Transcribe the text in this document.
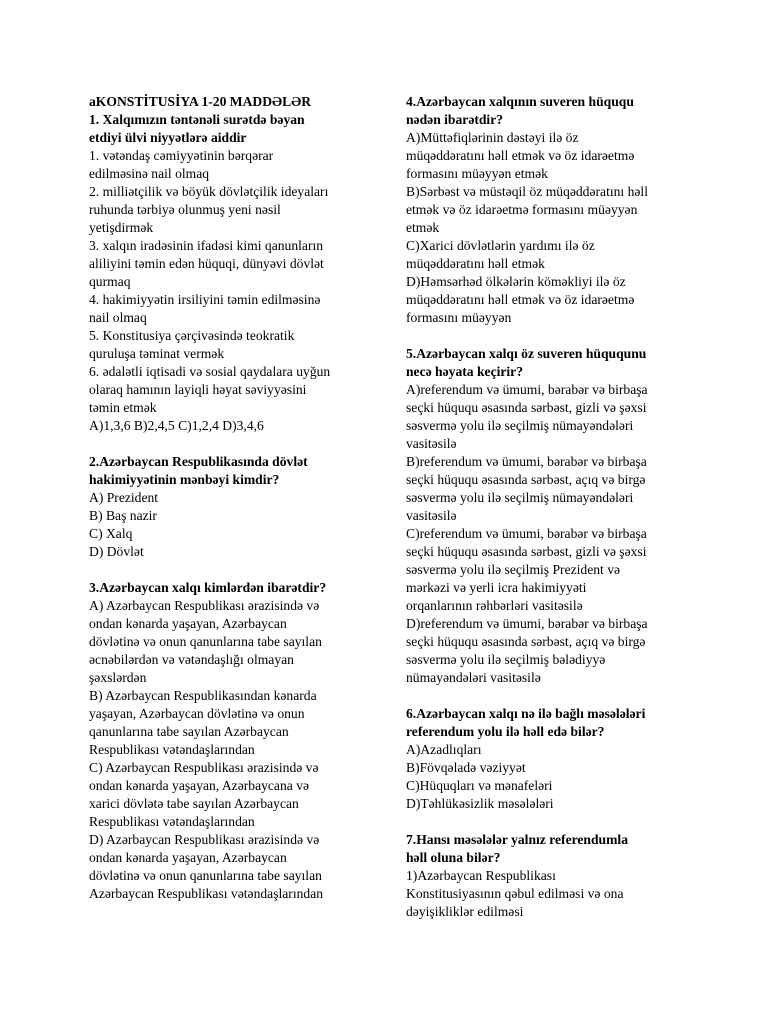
aKONSTİTUSİYA 1-20 MADDƏLƏR
1. Xalqımızın təntənəli surətdə bəyan
etdiyi ülvi niyyətlərə aiddir
1. vətəndaş cəmiyyətinin bərqərar
edilməsinə nail olmaq
2. milliətçilik və böyük dövlətçilik ideyaları
ruhunda tərbiyə olunmuş yeni nəsil
yetişdirmək
3. xalqın iradəsinin ifadəsi kimi qanunların
aliliyini təmin edən hüquqi, dünyəvi dövlət
qurmaq
4. hakimiyyətin irsiliyini təmin edilməsinə
nail olmaq
5. Konstitusiya çərçivəsində teokratik
quruluşa təminat vermək
6. ədalətli iqtisadi və sosial qaydalara uyğun
olaraq hamının layiqli həyat səviyyəsini
təmin etmək
A)1,3,6 B)2,4,5 C)1,2,4 D)3,4,6
2.Azərbaycan Respublikasında dövlət
hakimiyyətinin mənbəyi kimdir?
A) Prezident
B) Baş nazir
C) Xalq
D) Dövlət
3.Azərbaycan xalqı kimlərdən ibarətdir?
A) Azərbaycan Respublikası ərazisində və
ondan kənarda yaşayan, Azərbaycan
dövlətinə və onun qanunlarına tabe sayılan
əcnəbilərdən və vətəndaşlığı olmayan
şəxslərdən
B) Azərbaycan Respublikasından kənarda
yaşayan, Azərbaycan dövlətinə və onun
qanunlarına tabe sayılan Azərbaycan
Respublikası vətəndaşlarından
C) Azərbaycan Respublikası ərazisində və
ondan kənarda yaşayan, Azərbaycana və
xarici dövlətə tabe sayılan Azərbaycan
Respublikası vətəndaşlarından
D) Azərbaycan Respublikası ərazisində və
ondan kənarda yaşayan, Azərbaycan
dövlətinə və onun qanunlarına tabe sayılan
Azərbaycan Respublikası vətəndaşlarından
4.Azərbaycan xalqının suveren hüququ
nədən ibarətdir?
A)Müttəfiqlərinin dəstəyi ilə öz
müqəddəratını həll etmək və öz idarəetmə
formasını müəyyən etmək
B)Sərbəst və müstəqil öz müqəddəratını həll
etmək və öz idarəetmə formasını müəyyən
etmək
C)Xarici dövlətlərin yardımı ilə öz
müqəddəratını həll etmək
D)Həmsərhəd ölkələrin köməkliyi ilə öz
müqəddəratını həll etmək və öz idarəetmə
formasını müəyyən
5.Azərbaycan xalqı öz suveren hüququnu
necə həyata keçirir?
A)referendum və ümumi, bərabər və birbaşa
seçki hüququ əsasında sərbəst, gizli və şəxsi
səsvermə yolu ilə seçilmiş nümayəndələri
vasitəsilə
B)referendum və ümumi, bərabər və birbaşa
seçki hüququ əsasında sərbəst, açıq və birgə
səsvermə yolu ilə seçilmiş nümayəndələri
vasitəsilə
C)referendum və ümumi, bərabər və birbaşa
seçki hüququ əsasında sərbəst, gizli və şəxsi
səsvermə yolu ilə seçilmiş Prezident və
mərkəzi və yerli icra hakimiyyəti
orqanlarının rəhbərləri vasitəsilə
D)referendum və ümumi, bərabər və birbaşa
seçki hüququ əsasında sərbəst, açıq və birgə
səsvermə yolu ilə seçilmiş bələdiyyə
nümayəndələri vasitəsilə
6.Azərbaycan xalqı nə ilə bağlı məsələləri
referendum yolu ilə həll edə bilər?
A)Azadlıqları
B)Fövqəladə vəziyyət
C)Hüquqları və mənafeləri
D)Təhlükəsizlik məsələləri
7.Hansı məsələlər yalnız referendumla
həll oluna bilər?
1)Azərbaycan Respublikası
Konstitusiyasının qəbul edilməsi və ona
dəyişikliklər edilməsi
